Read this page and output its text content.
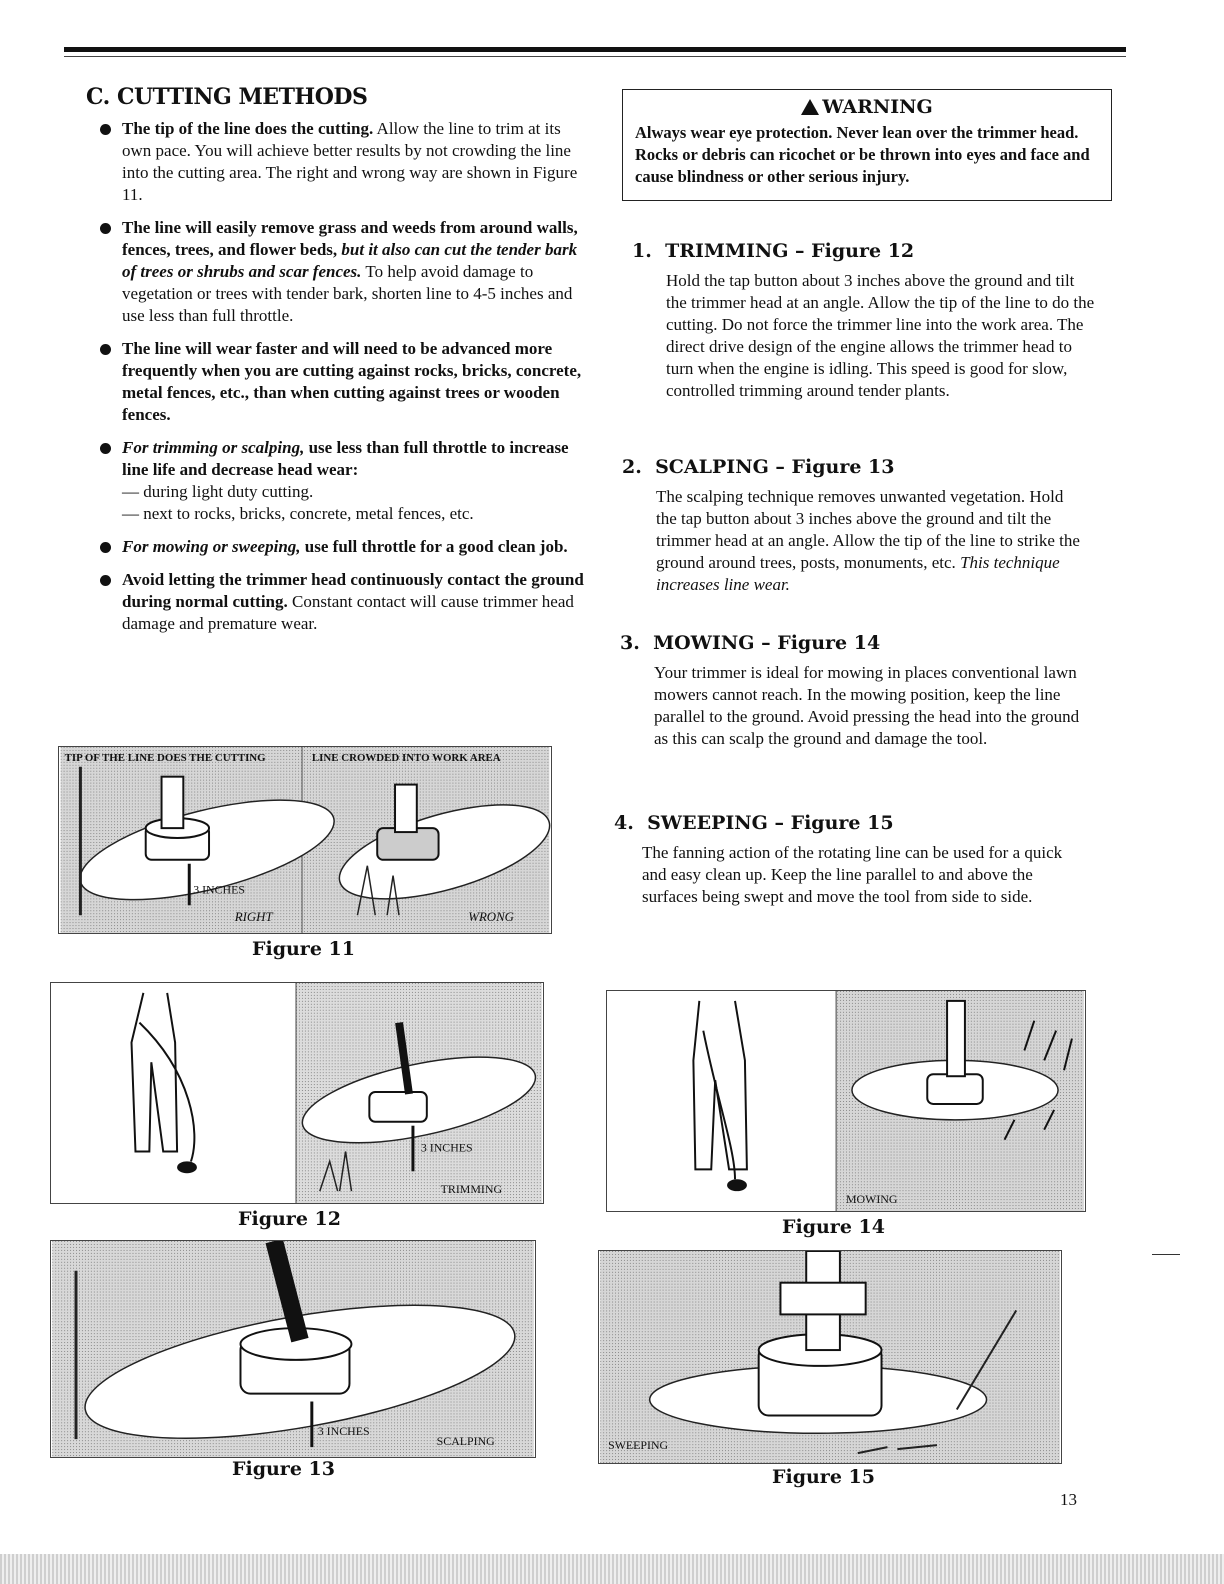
C. CUTTING METHODS
The tip of the line does the cutting. Allow the line to trim at its own pace. You will achieve better results by not crowding the line into the cutting area. The right and wrong way are shown in Figure 11.
The line will easily remove grass and weeds from around walls, fences, trees, and flower beds, but it also can cut the tender bark of trees or shrubs and scar fences. To help avoid damage to vegetation or trees with tender bark, shorten line to 4-5 inches and use less than full throttle.
The line will wear faster and will need to be advanced more frequently when you are cutting against rocks, bricks, concrete, metal fences, etc., than when cutting against trees or wooden fences.
For trimming or scalping, use less than full throttle to increase line life and decrease head wear:
— during light duty cutting.
— next to rocks, bricks, concrete, metal fences, etc.
For mowing or sweeping, use full throttle for a good clean job.
Avoid letting the trimmer head continuously contact the ground during normal cutting. Constant contact will cause trimmer head damage and premature wear.
WARNING
Always wear eye protection. Never lean over the trimmer head. Rocks or debris can ricochet or be thrown into eyes and face and cause blindness or other serious injury.
1. TRIMMING – Figure 12

Hold the tap button about 3 inches above the ground and tilt the trimmer head at an angle. Allow the tip of the line to do the cutting. Do not force the trimmer line into the work area. The direct drive design of the engine allows the trimmer head to turn when the engine is idling. This speed is good for slow, controlled trimming around tender plants.

2. SCALPING – Figure 13

The scalping technique removes unwanted vegetation. Hold the tap button about 3 inches above the ground and tilt the trimmer head at an angle. Allow the tip of the line to strike the ground around trees, posts, monuments, etc. This technique increases line wear.

3. MOWING – Figure 14

Your trimmer is ideal for mowing in places conventional lawn mowers cannot reach. In the mowing position, keep the line parallel to the ground. Avoid pressing the head into the ground as this can scalp the ground and damage the tool.

4. SWEEPING – Figure 15

The fanning action of the rotating line can be used for a quick and easy clean up. Keep the line parallel to and above the surfaces being swept and move the tool from side to side.

TIP OF THE LINE DOES THE CUTTING	LINE CROWDED INTO WORK AREA
3 INCHES
RIGHT	WRONG
Figure 11
3 INCHES
TRIMMING
Figure 12
3 INCHES
SCALPING
Figure 13
MOWING
Figure 14
SWEEPING
Figure 15
13
